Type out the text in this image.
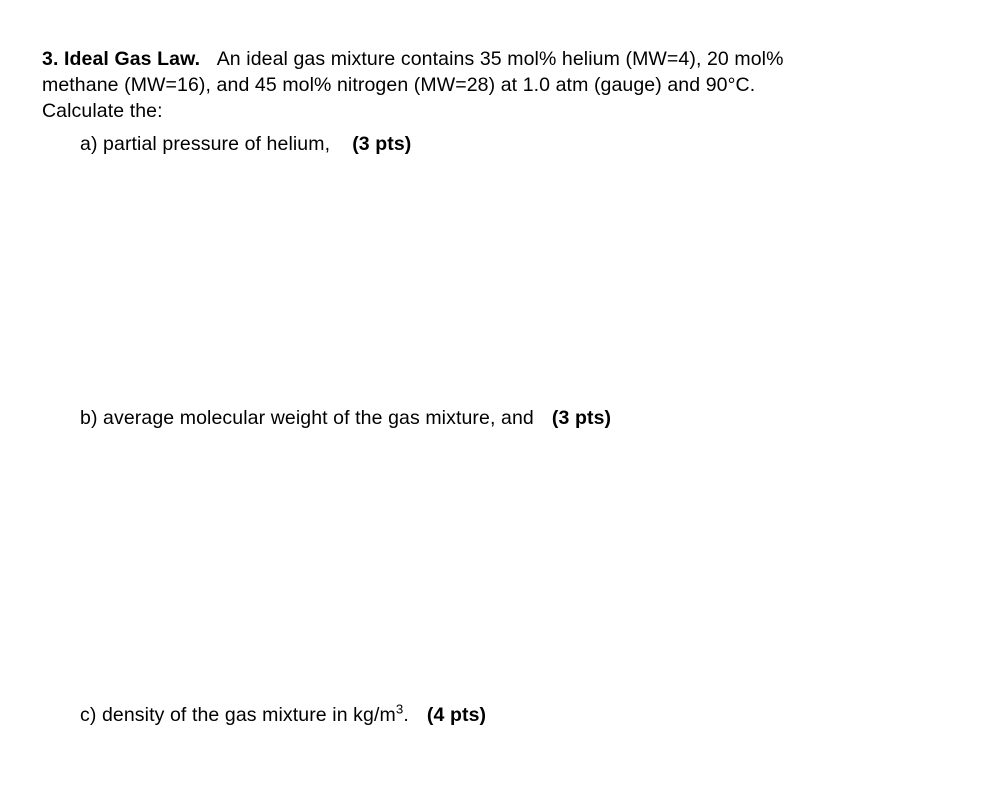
3. Ideal Gas Law. An ideal gas mixture contains 35 mol% helium (MW=4), 20 mol%
methane (MW=16), and 45 mol% nitrogen (MW=28) at 1.0 atm (gauge) and 90°C.
Calculate the:
a) partial pressure of helium, (3 pts)
b) average molecular weight of the gas mixture, and (3 pts)
c) density of the gas mixture in $kg/m^3$. (4 pts)
